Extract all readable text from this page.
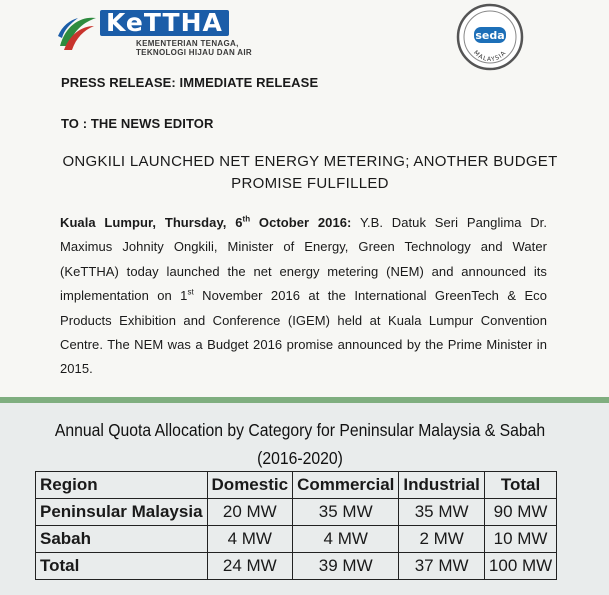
KeTTHA
KEMENTERIAN TENAGA,
TEKNOLOGI HIJAU DAN AIR
seda
MALAYSIA
PRESS RELEASE: IMMEDIATE RELEASE
TO : THE NEWS EDITOR
ONGKILI LAUNCHED NET ENERGY METERING; ANOTHER BUDGET
PROMISE FULFILLED
Kuala Lumpur, Thursday, 6th October 2016: Y.B. Datuk Seri Panglima Dr. Maximus Johnity Ongkili, Minister of Energy, Green Technology and Water (KeTTHA) today launched the net energy metering (NEM) and announced its implementation on 1st November 2016 at the International GreenTech & Eco Products Exhibition and Conference (IGEM) held at Kuala Lumpur Convention Centre. The NEM was a Budget 2016 promise announced by the Prime Minister in 2015.
Annual Quota Allocation by Category for Peninsular Malaysia & Sabah
(2016-2020)
Region	Domestic	Commercial	Industrial	Total
Peninsular Malaysia	20 MW	35 MW	35 MW	90 MW
Sabah	4 MW	4 MW	2 MW	10 MW
Total	24 MW	39 MW	37 MW	100 MW
